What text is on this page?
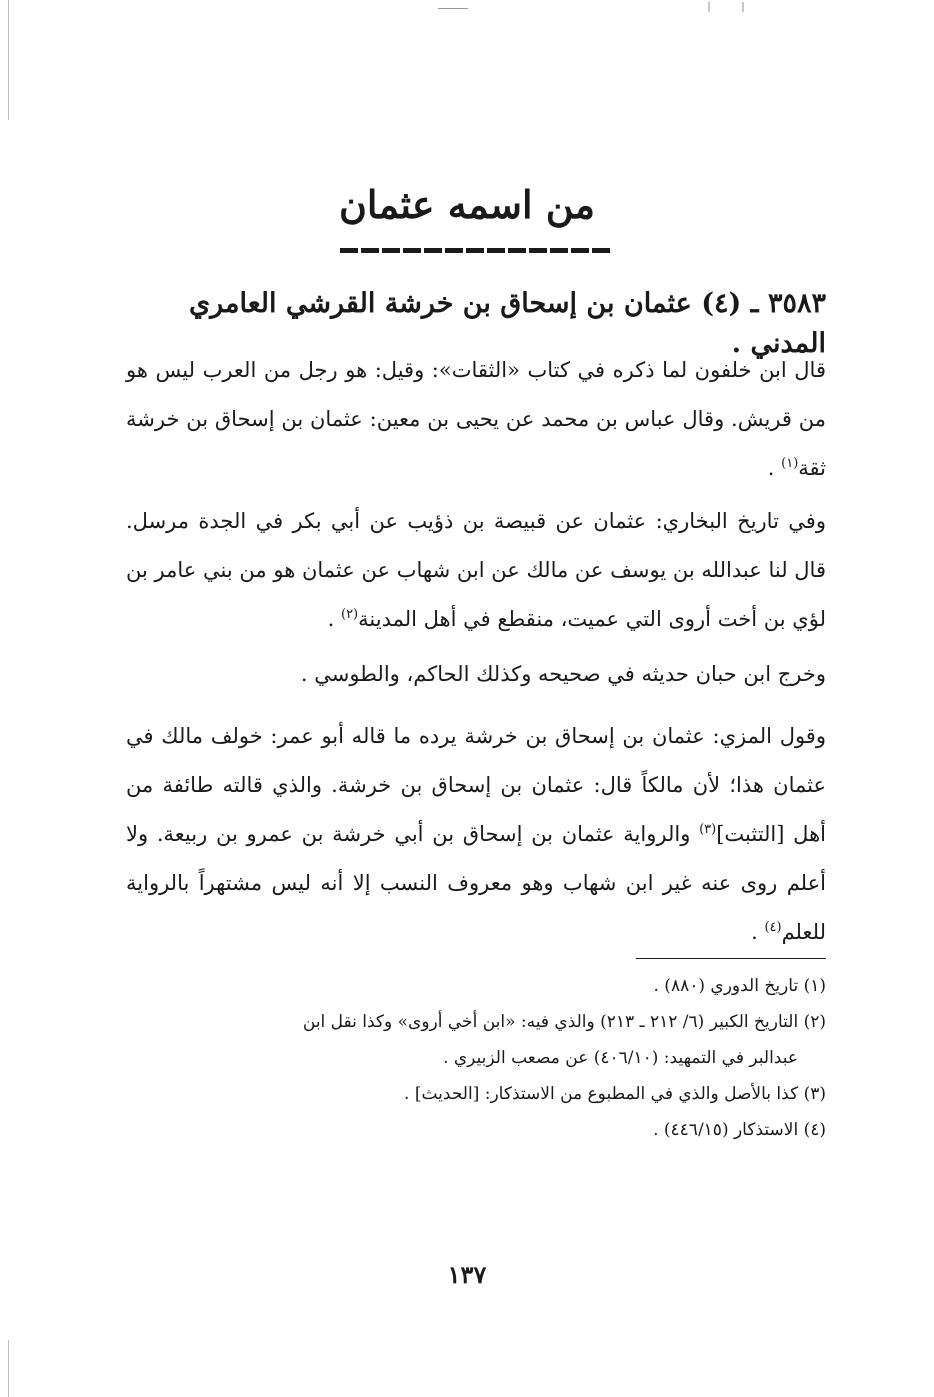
من اسمه عثمان
٣٥٨٣ ـ (٤) عثمان بن إسحاق بن خرشة القرشي العامري المدني .
قال ابن خلفون لما ذكره في كتاب «الثقات»: وقيل: هو رجل من العرب ليس هو من قريش. وقال عباس بن محمد عن يحيى بن معين: عثمان بن إسحاق بن خرشة ثقة$^{(١)}$ .
وفي تاريخ البخاري: عثمان عن قبيصة بن ذؤيب عن أبي بكر في الجدة مرسل. قال لنا عبدالله بن يوسف عن مالك عن ابن شهاب عن عثمان هو من بني عامر بن لؤي بن أخت أروى التي عميت، منقطع في أهل المدينة$^{(٢)}$ .
وخرج ابن حبان حديثه في صحيحه وكذلك الحاكم، والطوسي .
وقول المزي: عثمان بن إسحاق بن خرشة يرده ما قاله أبو عمر: خولف مالك في عثمان هذا؛ لأن مالكاً قال: عثمان بن إسحاق بن خرشة. والذي قالته طائفة من أهل [التثبت]$^{(٣)}$ والرواية عثمان بن إسحاق بن أبي خرشة بن عمرو بن ربيعة. ولا أعلم روى عنه غير ابن شهاب وهو معروف النسب إلا أنه ليس مشتهراً بالرواية للعلم$^{(٤)}$ .

(١) تاريخ الدوري (٨٨٠) .

(٢) التاريخ الكبير (٦/ ٢١٢ ـ ٢١٣) والذي فيه: «ابن أخي أروى» وكذا نقل ابن
عبدالبر في التمهيد: (٤٠٦/١٠) عن مصعب الزبيري .

(٣) كذا بالأصل والذي في المطبوع من الاستذكار: [الحديث] .

(٤) الاستذكار (٤٤٦/١٥) .

١٣٧
